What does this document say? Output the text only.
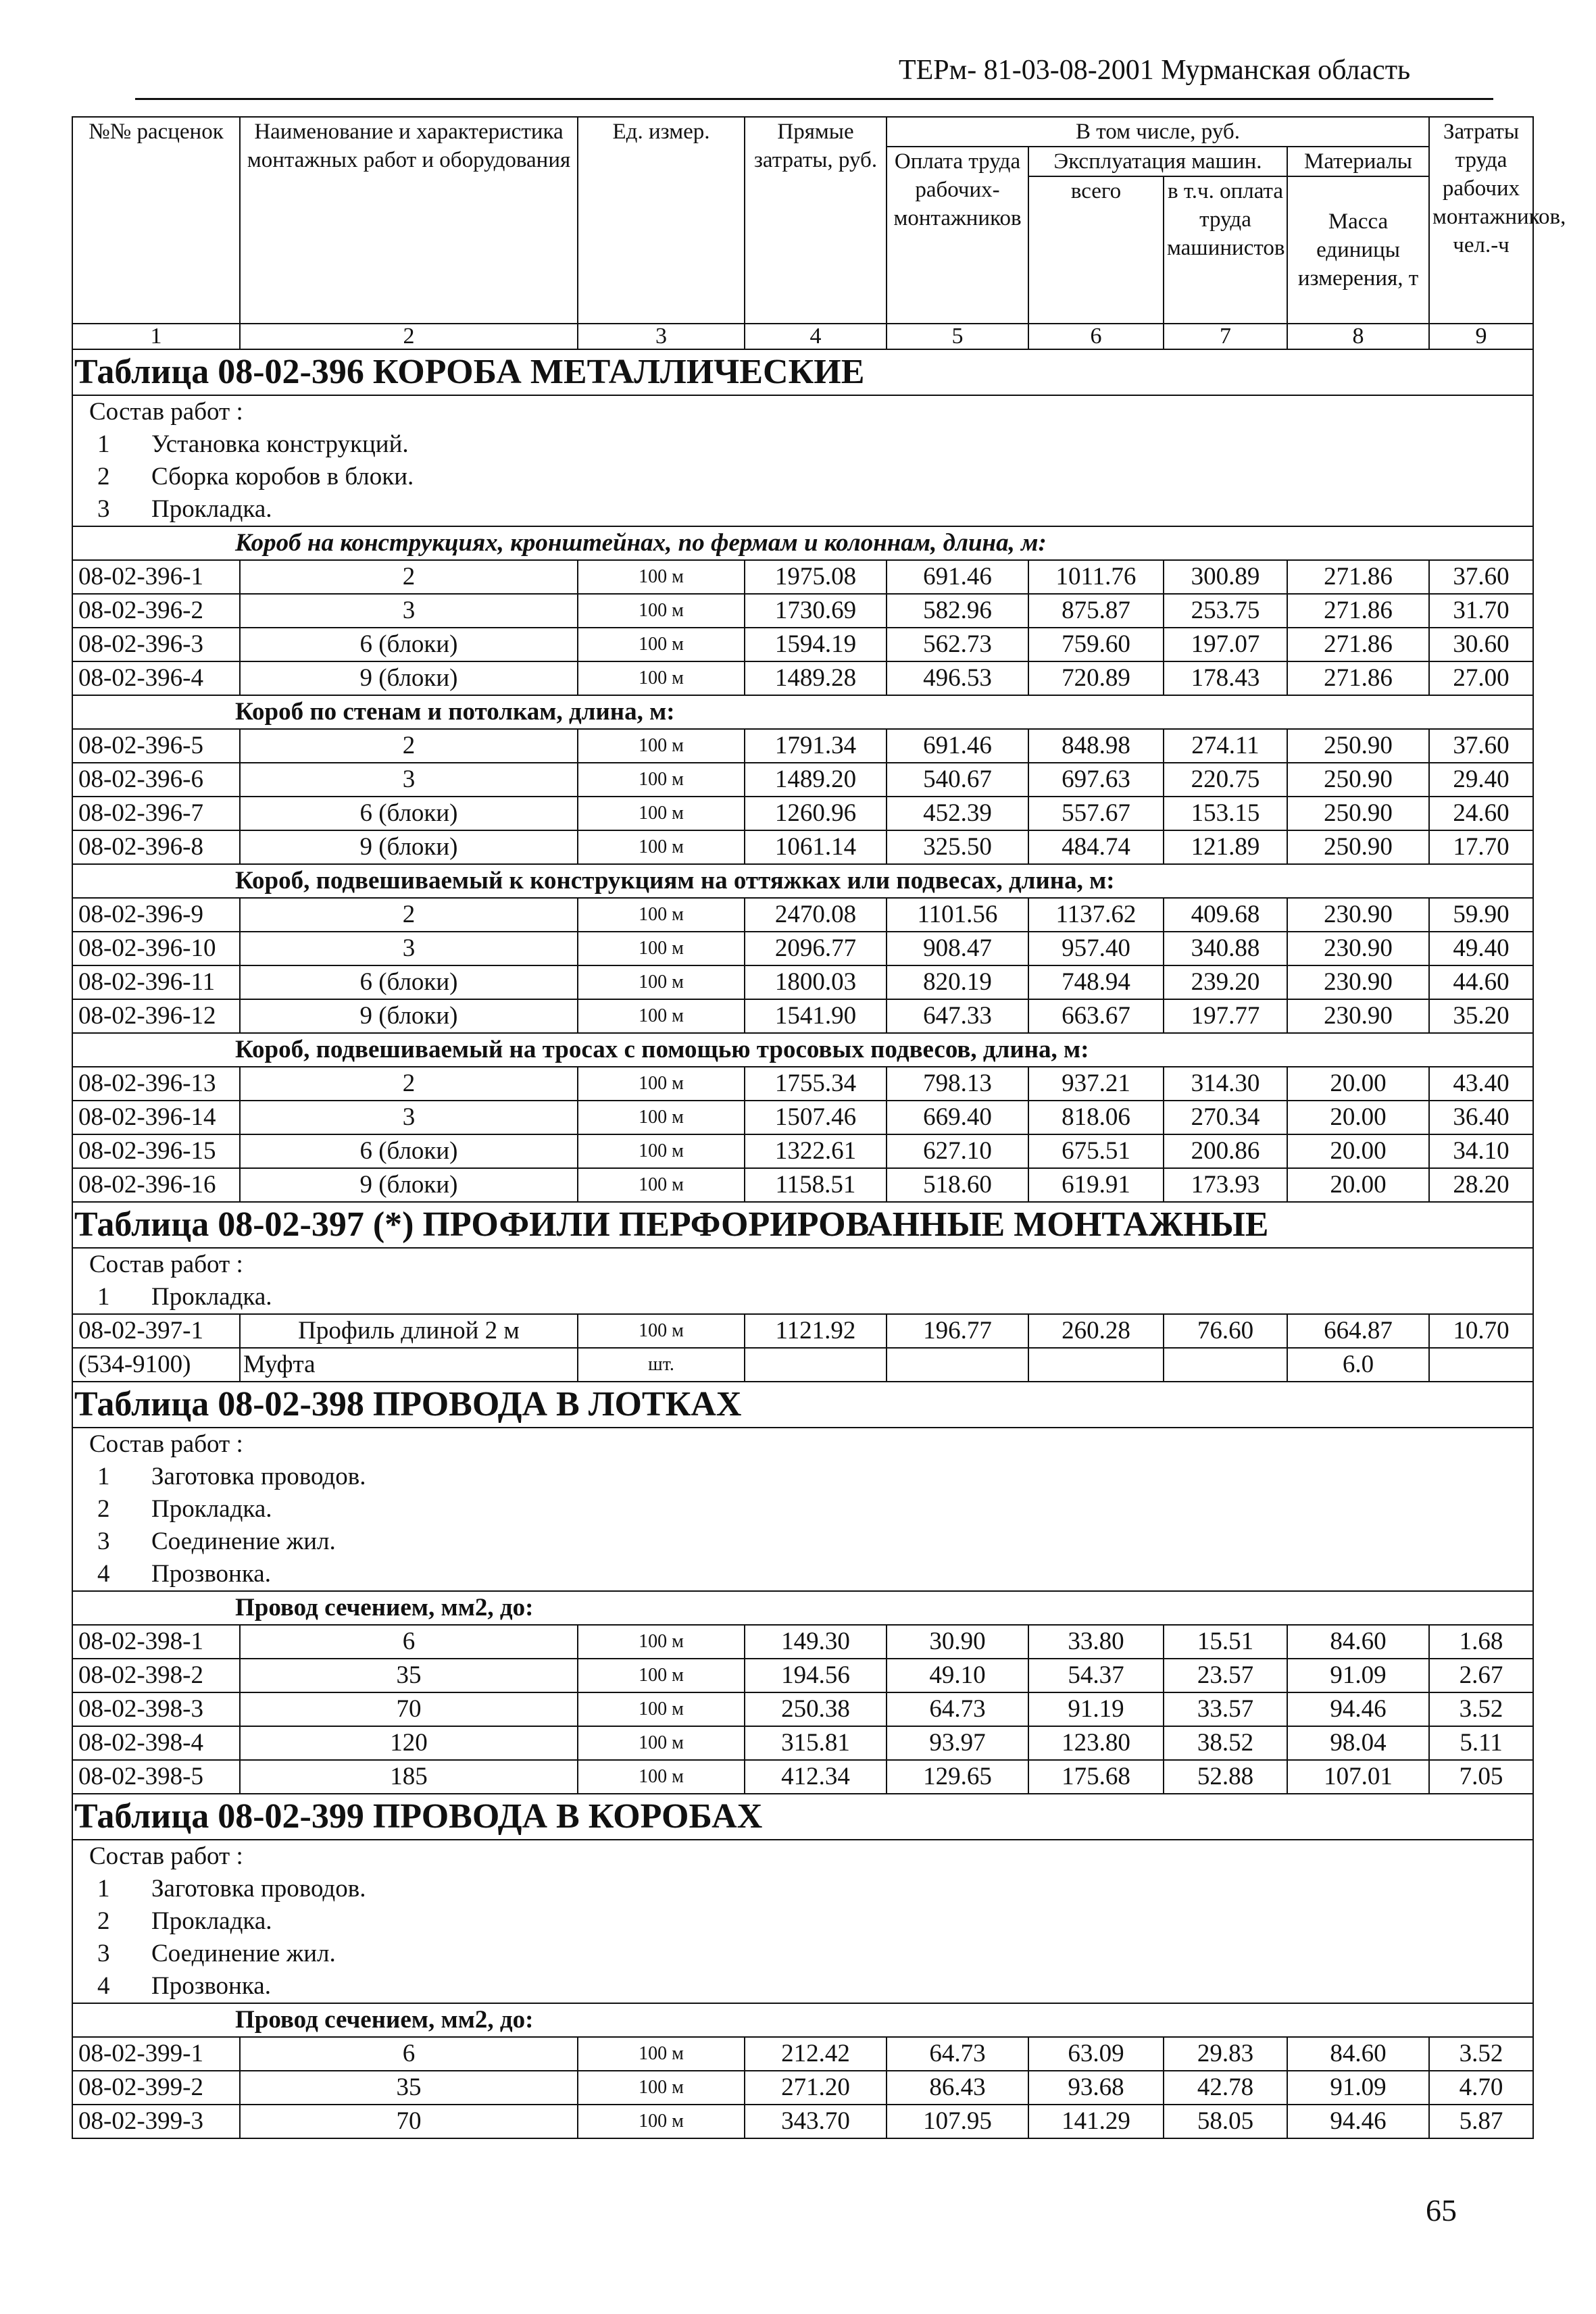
ТЕРм- 81-03-08-2001 Мурманская область
№№ расценок	Наименование и характеристика монтажных работ и оборудования	Ед. измер.	Прямые затраты, руб.	В том числе, руб.				Затраты труда рабочих монтажников, чел.-ч
				Оплата труда рабочих-монтажников	Эксплуатация машин.		Материалы	
					всего	в т.ч. оплата труда машинистов	Масса единицы измерения, т	
1	2	3	4	5	6	7	8	9
Таблица 08-02-396 КОРОБА МЕТАЛЛИЧЕСКИЕ								
Состав работ :								
1 Установка конструкций.								
2 Сборка коробов в блоки.								
3 Прокладка.								
Короб на конструкциях, кронштейнах, по фермам и колоннам, длина, м:								
08-02-396-1	2	100 м	1975.08	691.46	1011.76	300.89	271.86	37.60
08-02-396-2	3	100 м	1730.69	582.96	875.87	253.75	271.86	31.70
08-02-396-3	6 (блоки)	100 м	1594.19	562.73	759.60	197.07	271.86	30.60
08-02-396-4	9 (блоки)	100 м	1489.28	496.53	720.89	178.43	271.86	27.00
Короб по стенам и потолкам, длина, м:								
08-02-396-5	2	100 м	1791.34	691.46	848.98	274.11	250.90	37.60
08-02-396-6	3	100 м	1489.20	540.67	697.63	220.75	250.90	29.40
08-02-396-7	6 (блоки)	100 м	1260.96	452.39	557.67	153.15	250.90	24.60
08-02-396-8	9 (блоки)	100 м	1061.14	325.50	484.74	121.89	250.90	17.70
Короб, подвешиваемый к конструкциям на оттяжках или подвесах, длина, м:								
08-02-396-9	2	100 м	2470.08	1101.56	1137.62	409.68	230.90	59.90
08-02-396-10	3	100 м	2096.77	908.47	957.40	340.88	230.90	49.40
08-02-396-11	6 (блоки)	100 м	1800.03	820.19	748.94	239.20	230.90	44.60
08-02-396-12	9 (блоки)	100 м	1541.90	647.33	663.67	197.77	230.90	35.20
Короб, подвешиваемый на тросах с помощью тросовых подвесов, длина, м:								
08-02-396-13	2	100 м	1755.34	798.13	937.21	314.30	20.00	43.40
08-02-396-14	3	100 м	1507.46	669.40	818.06	270.34	20.00	36.40
08-02-396-15	6 (блоки)	100 м	1322.61	627.10	675.51	200.86	20.00	34.10
08-02-396-16	9 (блоки)	100 м	1158.51	518.60	619.91	173.93	20.00	28.20
Таблица 08-02-397 (*) ПРОФИЛИ ПЕРФОРИРОВАННЫЕ МОНТАЖНЫЕ								
Состав работ :								
1 Прокладка.								
08-02-397-1	Профиль длиной 2 м	100 м	1121.92	196.77	260.28	76.60	664.87	10.70
(534-9100)	Муфта	шт.					6.0	
Таблица 08-02-398 ПРОВОДА В ЛОТКАХ								
Состав работ :								
1 Заготовка проводов.								
2 Прокладка.								
3 Соединение жил.								
4 Прозвонка.								
Провод сечением, мм2, до:								
08-02-398-1	6	100 м	149.30	30.90	33.80	15.51	84.60	1.68
08-02-398-2	35	100 м	194.56	49.10	54.37	23.57	91.09	2.67
08-02-398-3	70	100 м	250.38	64.73	91.19	33.57	94.46	3.52
08-02-398-4	120	100 м	315.81	93.97	123.80	38.52	98.04	5.11
08-02-398-5	185	100 м	412.34	129.65	175.68	52.88	107.01	7.05
Таблица 08-02-399 ПРОВОДА В КОРОБАХ								
Состав работ :								
1 Заготовка проводов.								
2 Прокладка.								
3 Соединение жил.								
4 Прозвонка.								
Провод сечением, мм2, до:								
08-02-399-1	6	100 м	212.42	64.73	63.09	29.83	84.60	3.52
08-02-399-2	35	100 м	271.20	86.43	93.68	42.78	91.09	4.70
08-02-399-3	70	100 м	343.70	107.95	141.29	58.05	94.46	5.87
65
